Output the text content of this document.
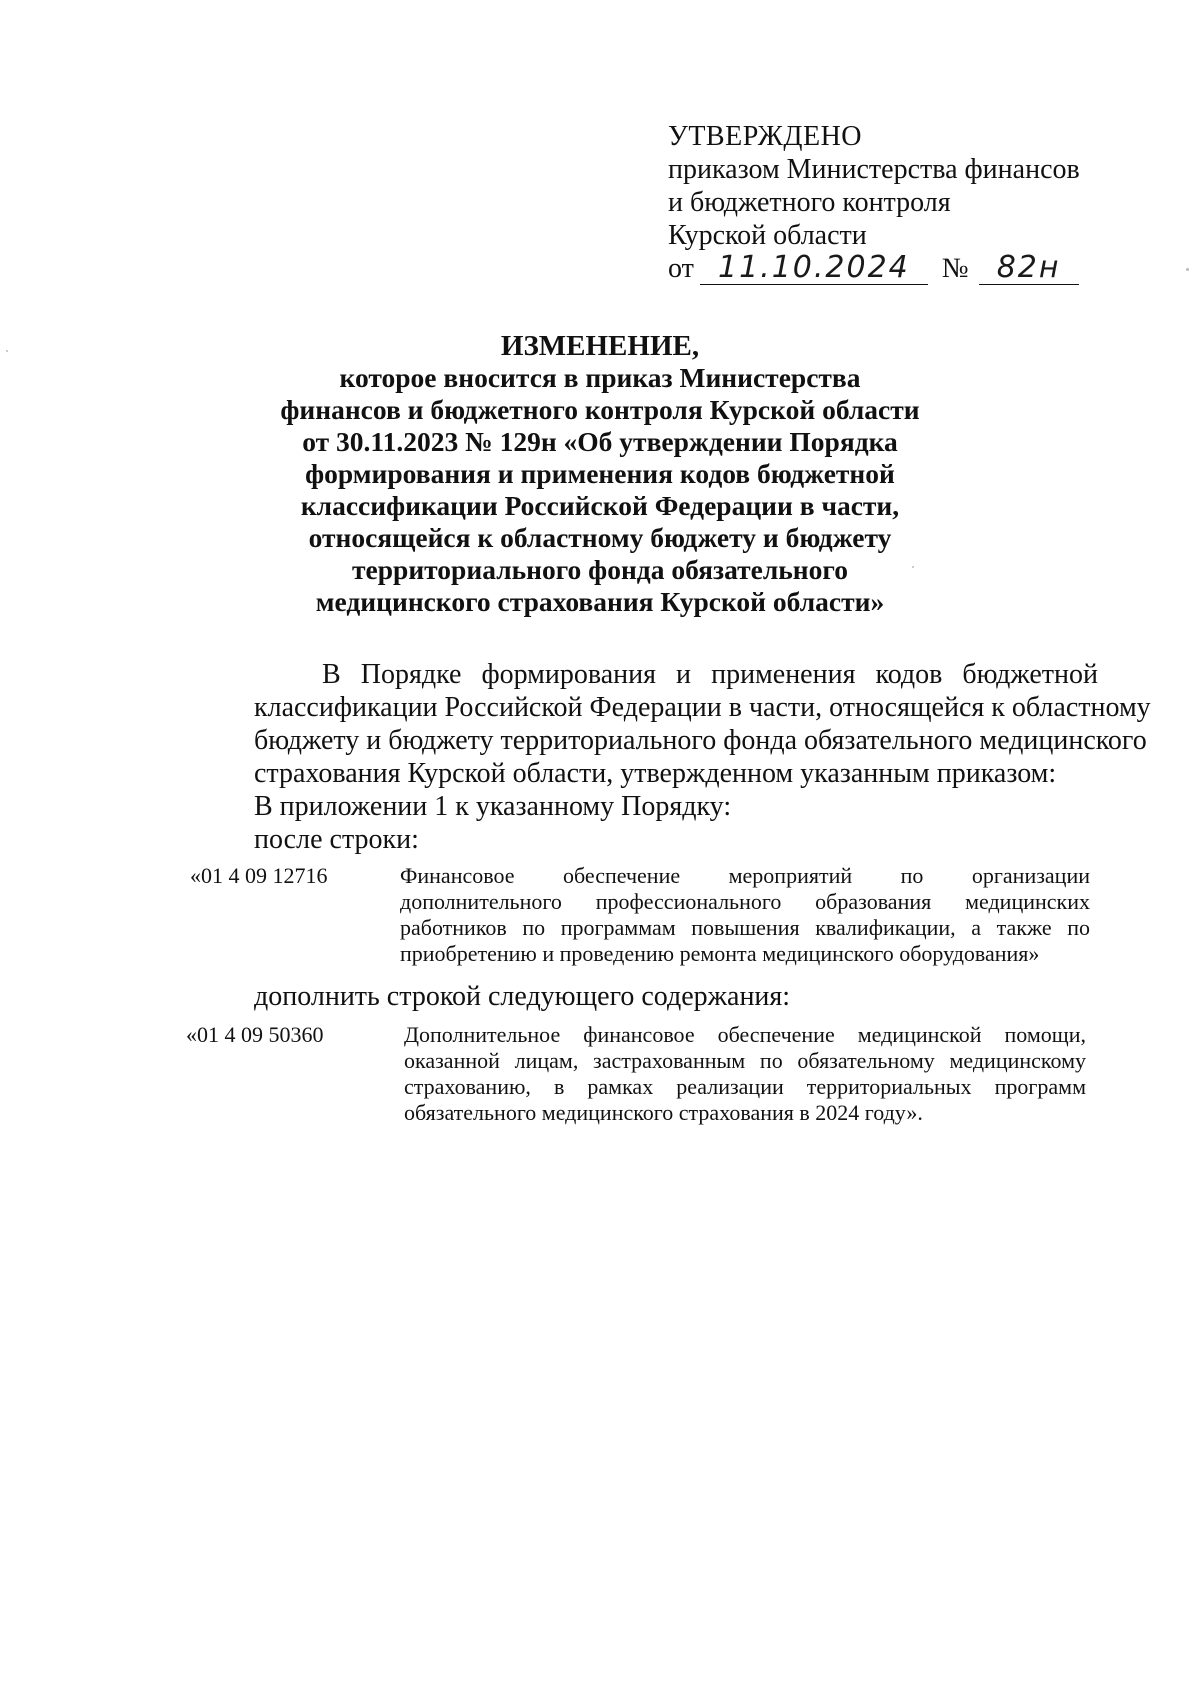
УТВЕРЖДЕНО
приказом Министерства финансов
и бюджетного контроля
Курской области
от 11.10.2024	№ 82н
ИЗМЕНЕНИЕ,
которое вносится в приказ Министерства
финансов и бюджетного контроля Курской области
от 30.11.2023 № 129н «Об утверждении Порядка
формирования и применения кодов бюджетной
классификации Российской Федерации в части,
относящейся к областному бюджету и бюджету
территориального фонда обязательного
медицинского страхования Курской области»
В Порядке формирования и применения кодов бюджетной
классификации Российской Федерации в части, относящейся к областному
бюджету и бюджету территориального фонда обязательного медицинского
страхования Курской области, утвержденном указанным приказом:
В приложении 1 к указанному Порядку:
после строки:
«01 4 09 12716	Финансовое обеспечение мероприятий по организации
дополнительного профессионального образования медицинских
работников по программам повышения квалификации, а также по
приобретению и проведению ремонта медицинского оборудования»
дополнить строкой следующего содержания:
«01 4 09 50360	Дополнительное финансовое обеспечение медицинской помощи,
оказанной лицам, застрахованным по обязательному медицинскому
страхованию, в рамках реализации территориальных программ
обязательного медицинского страхования в 2024 году».
